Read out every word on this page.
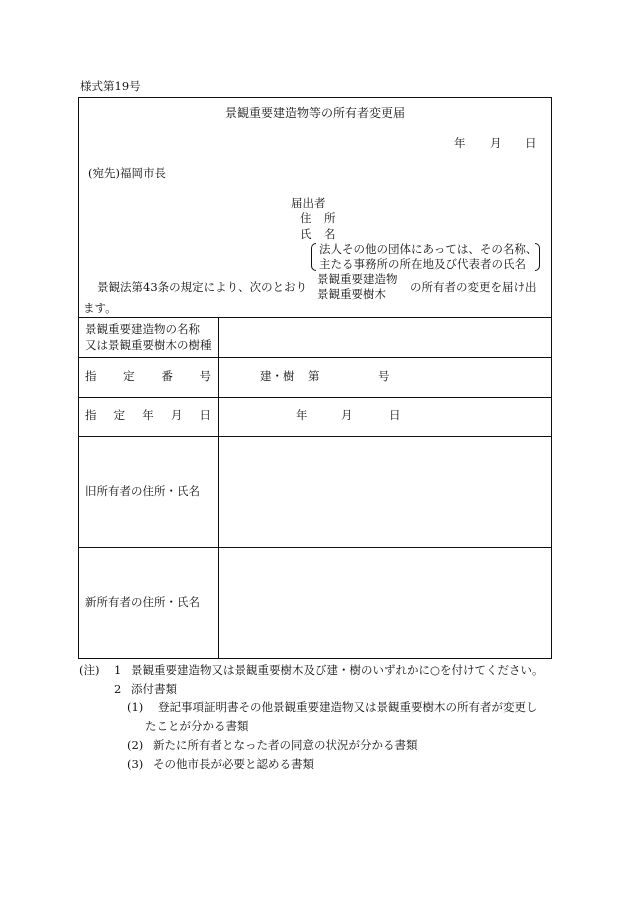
様式第19号
景観重要建造物等の所有者変更届
年 月 日
(宛先)福岡市長
届出者
住 所
氏 名
法人その他の団体にあっては、その名称、
主たる事務所の所在地及び代表者の氏名
景観法第43条の規定により、次のとおり
景観重要建造物
景観重要樹木 の所有者の変更を届け出
ます。
景観重要建造物の名称
又は景観重要樹木の樹種
指 定 番 号	建・樹 第	号
指 定 年 月 日	年	月	日
旧所有者の住所・氏名
新所有者の住所・氏名
(注) 1 景観重要建造物又は景観重要樹木及び建・樹のいずれかに○を付けてください。
2 添付書類
(1) 登記事項証明書その他景観重要建造物又は景観重要樹木の所有者が変更し
たことが分かる書類
(2) 新たに所有者となった者の同意の状況が分かる書類
(3) その他市長が必要と認める書類
